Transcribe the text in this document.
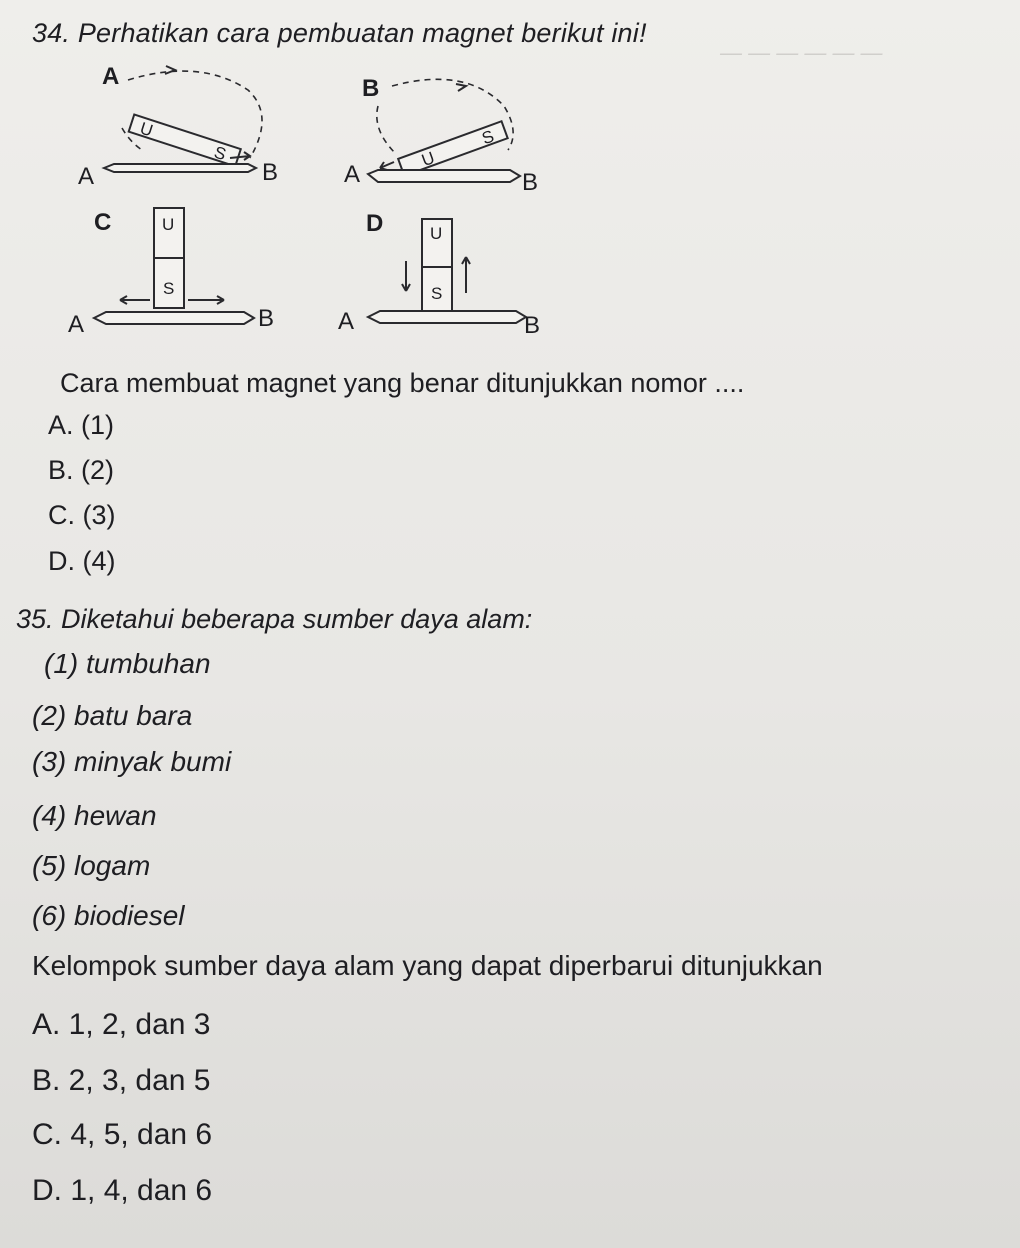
— — — — — —
34. Perhatikan cara pembuatan magnet berikut ini!
A
U
S
A	B
B
U
S
A	B
C	U
S
A	B
D	U
S
A	B
Cara membuat magnet yang benar ditunjukkan nomor ....
A. (1)
B. (2)
C. (3)
D. (4)
35. Diketahui beberapa sumber daya alam:
(1) tumbuhan
(2) batu bara
(3) minyak bumi
(4) hewan
(5) logam
(6) biodiesel
Kelompok sumber daya alam yang dapat diperbarui ditunjukkan
A. 1, 2, dan 3
B. 2, 3, dan 5
C. 4, 5, dan 6
D. 1, 4, dan 6
